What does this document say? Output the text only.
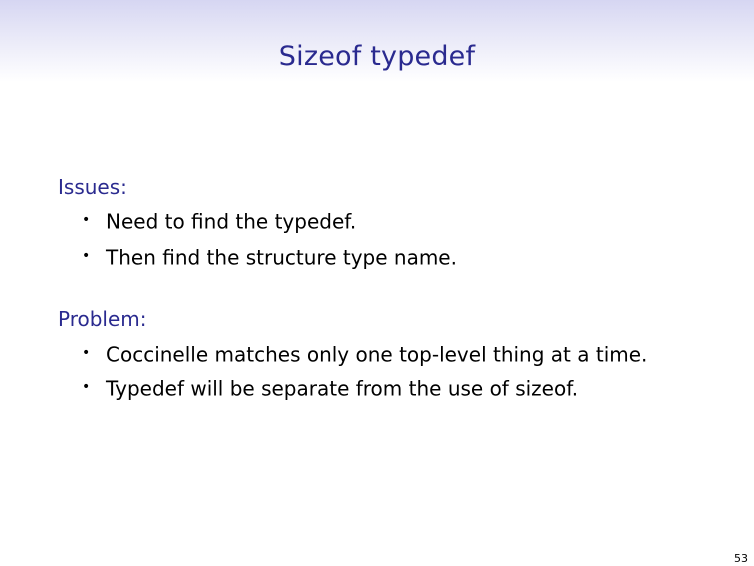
Sizeof typedef
Issues:
• Need to find the typedef.
• Then find the structure type name.
Problem:
• Coccinelle matches only one top-level thing at a time.
• Typedef will be separate from the use of sizeof.
53
